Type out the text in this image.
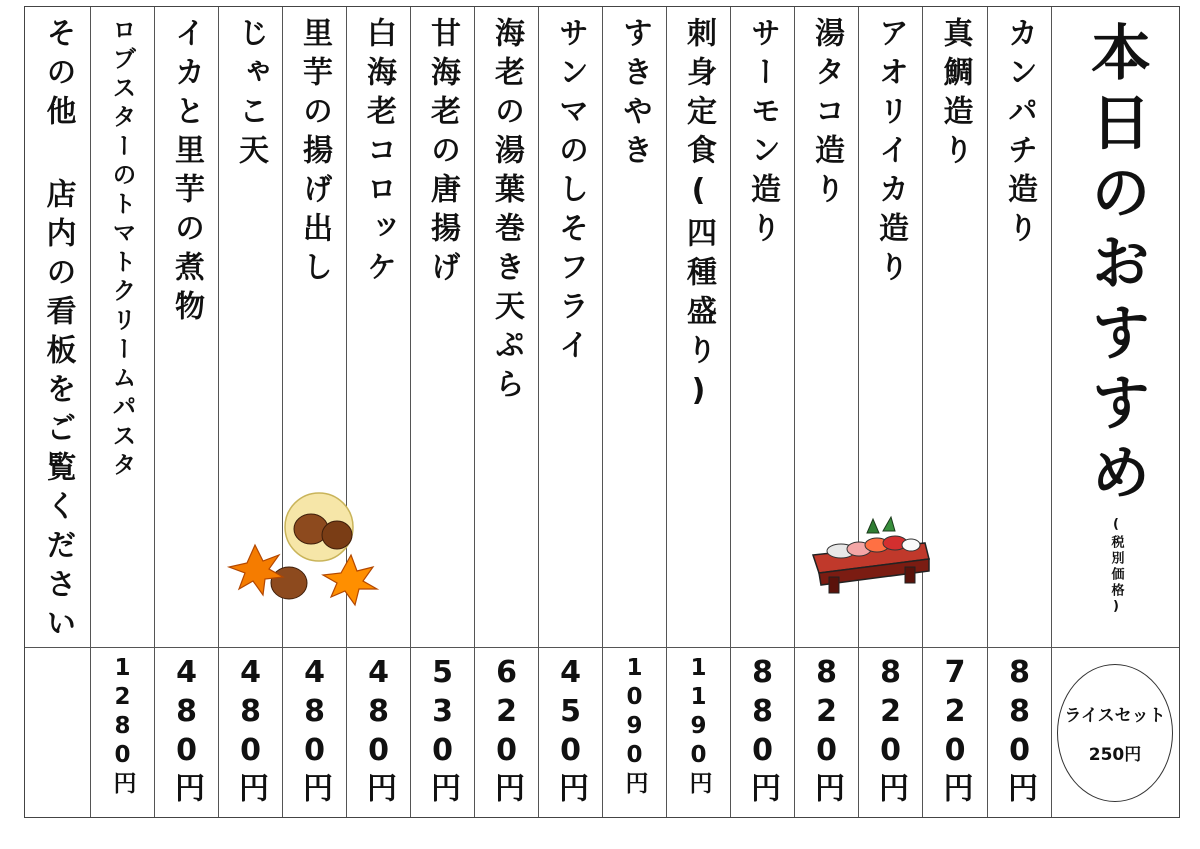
本日のおすすめ
(税別価格)
ライスセット
250円
カンパチ造り
880円
真鯛造り
720円
アオリイカ造り
820円
湯タコ造り
820円
サーモン造り
880円
刺身定食(四種盛り)
1190円
すきやき
1090円
サンマのしそフライ
450円
海老の湯葉巻き天ぷら
620円
甘海老の唐揚げ
530円
白海老コロッケ
480円
里芋の揚げ出し
480円
じゃこ天
480円
イカと里芋の煮物
480円
ロブスターのトマトクリームパスタ
1280円
その他 店内の看板をご覧ください
